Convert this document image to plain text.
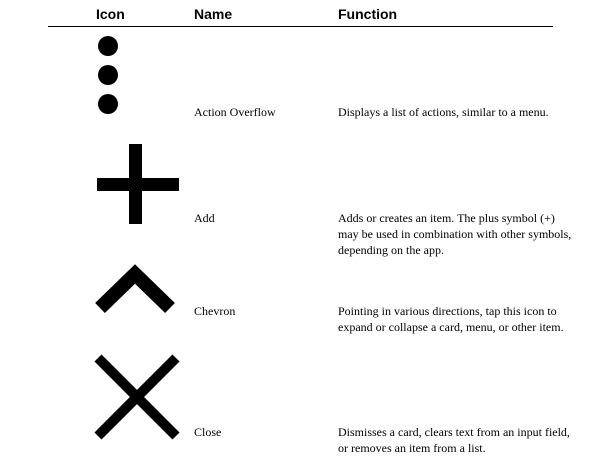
Icon	Name	Function
Action Overflow	Displays a list of actions, similar to a menu.
Add	Adds or creates an item. The plus symbol (+) may be used in combination with other symbols, depending on the app.
Chevron	Pointing in various directions, tap this icon to expand or collapse a card, menu, or other item.
Close	Dismisses a card, clears text from an input field, or removes an item from a list.
